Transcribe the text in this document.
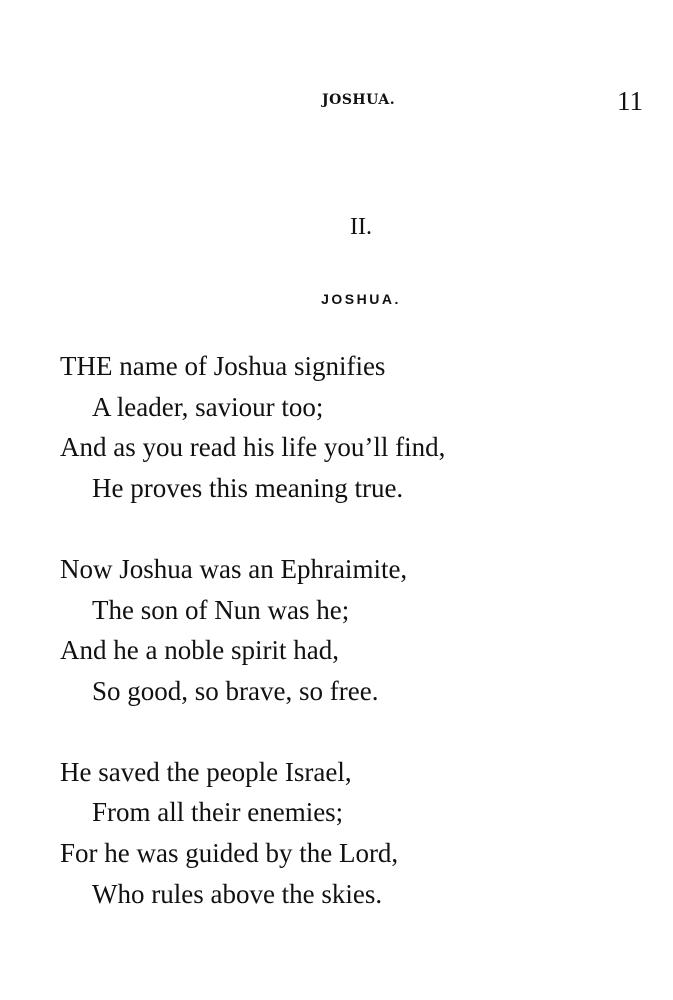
JOSHUA.	11
II.
JOSHUA.
THE name of Joshua signifies
A leader, saviour too;
And as you read his life you’ll find,
He proves this meaning true.
Now Joshua was an Ephraimite,
The son of Nun was he;
And he a noble spirit had,
So good, so brave, so free.
He saved the people Israel,
From all their enemies;
For he was guided by the Lord,
Who rules above the skies.
